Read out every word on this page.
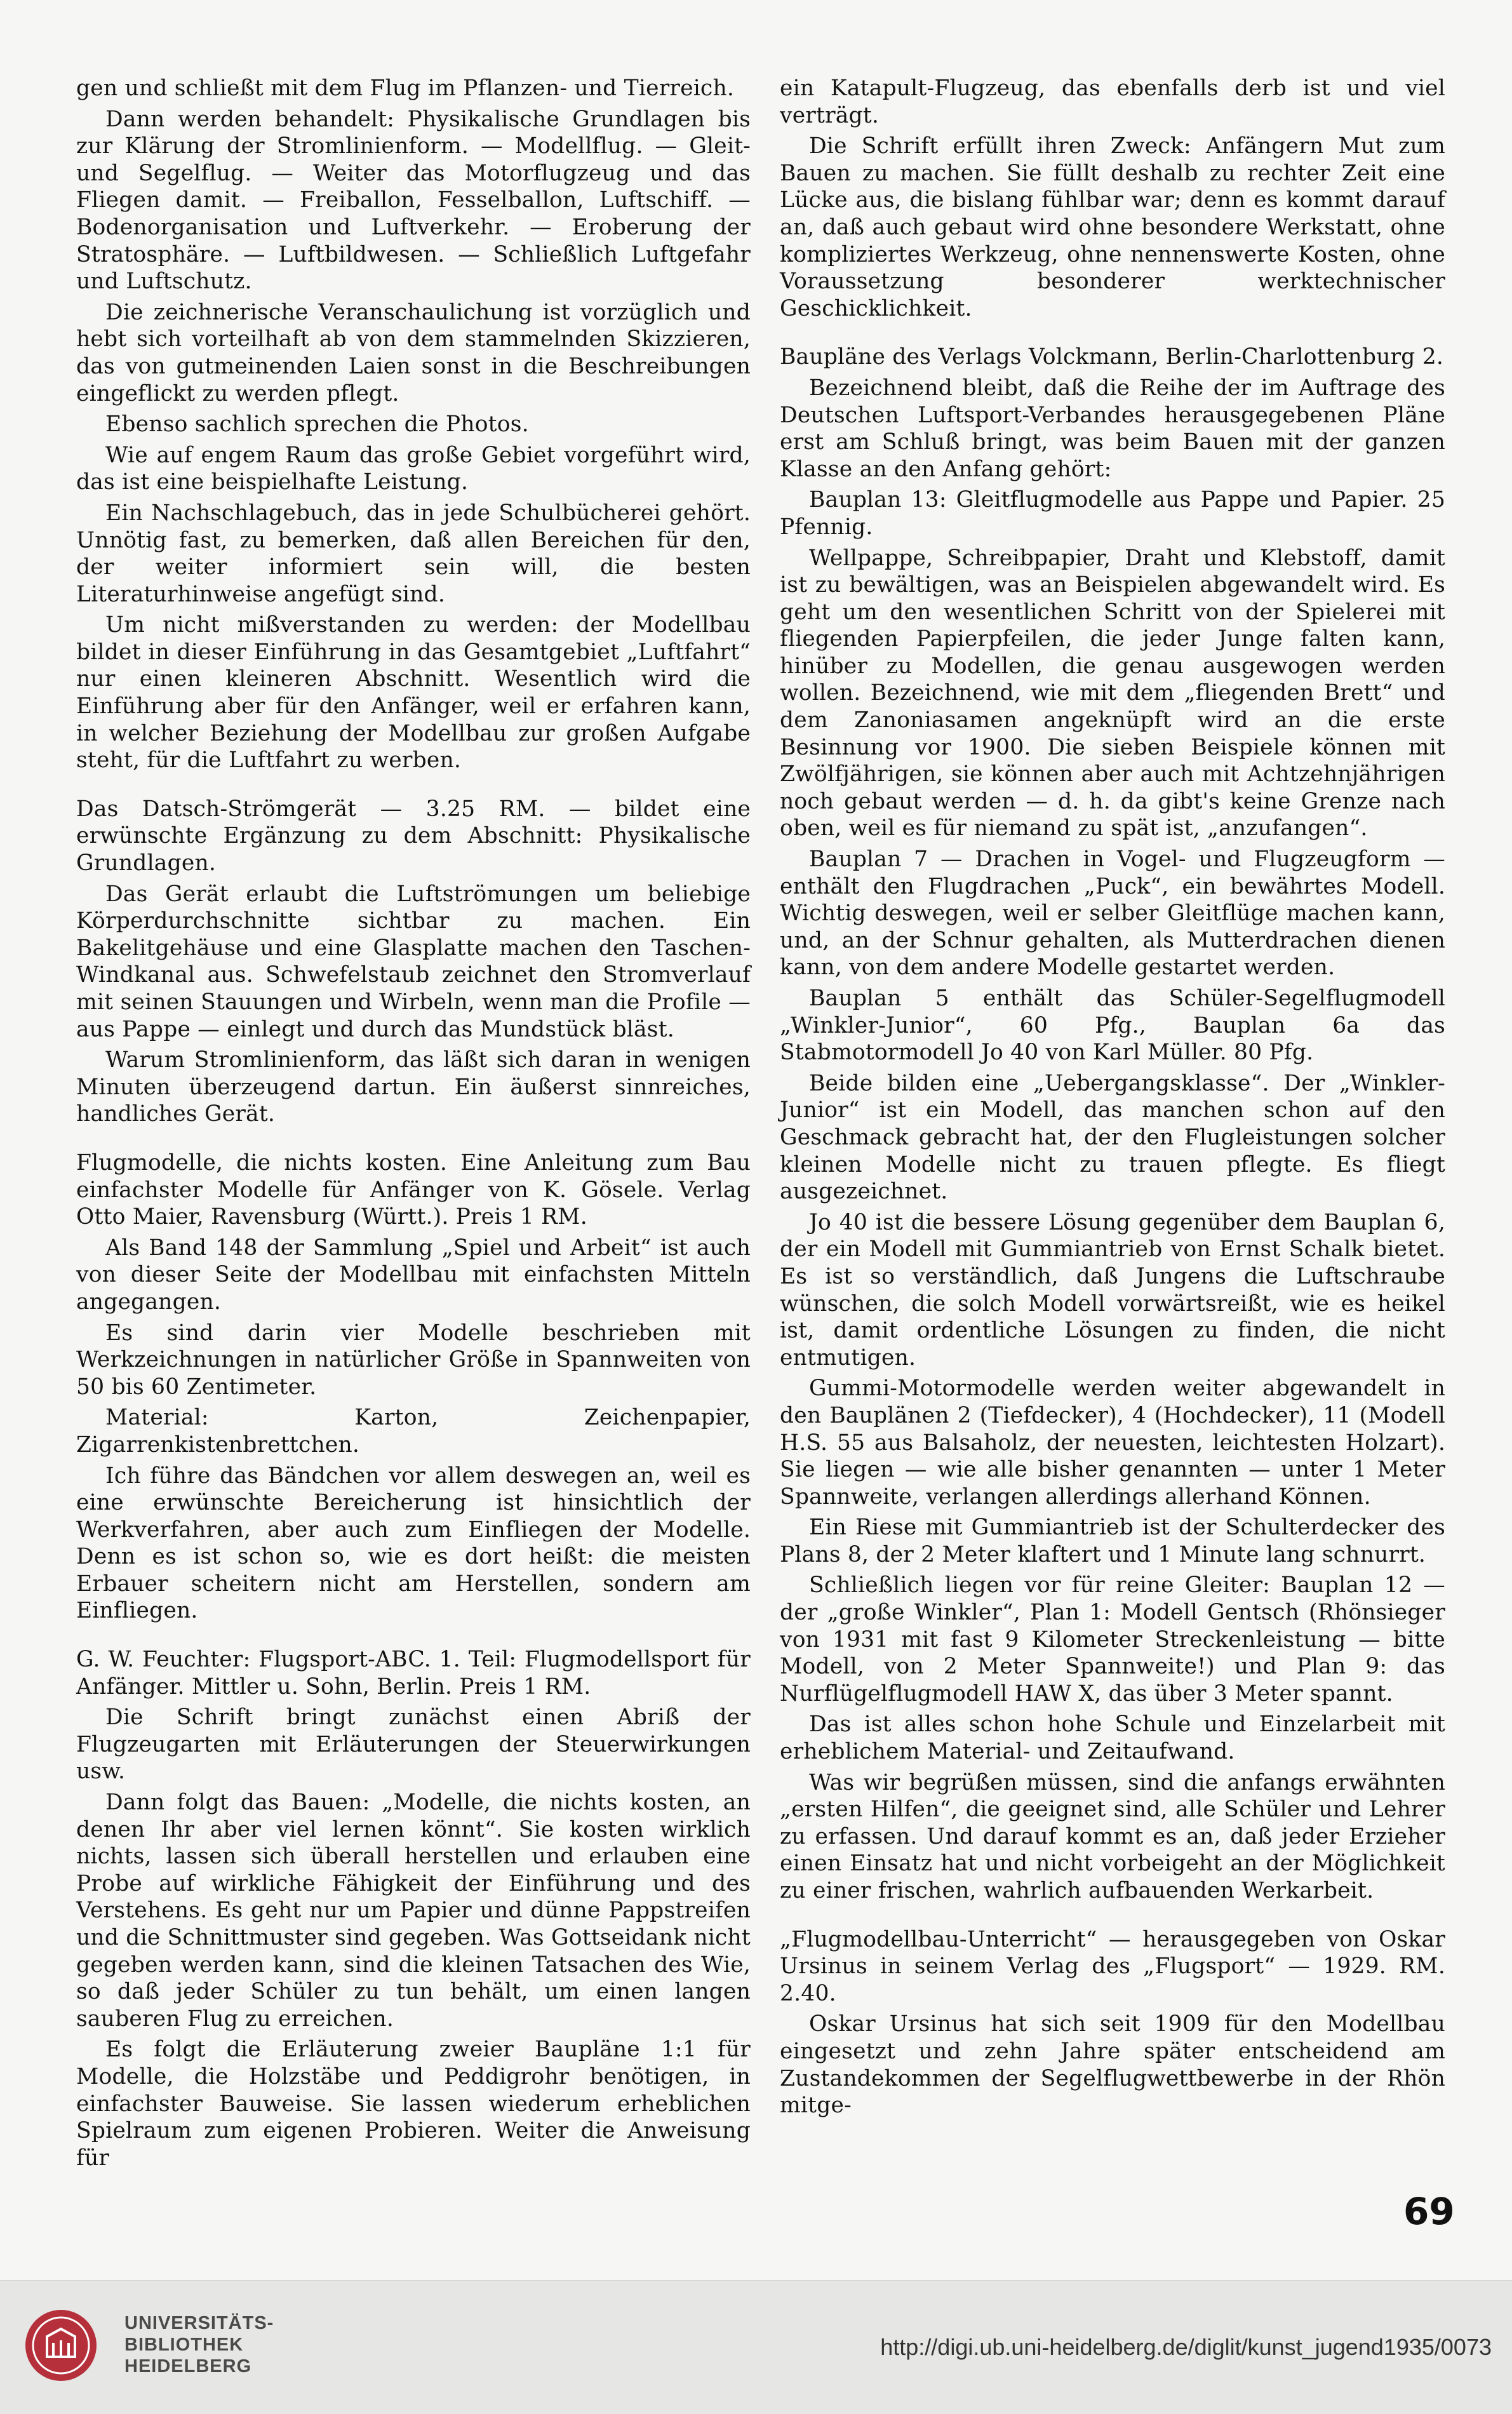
gen und schließt mit dem Flug im Pflanzen- und Tierreich.

Dann werden behandelt: Physikalische Grundlagen bis zur Klärung der Stromlinienform. — Modellflug. — Gleit- und Segelflug. — Weiter das Motorflugzeug und das Fliegen damit. — Freiballon, Fesselballon, Luftschiff. — Bodenorganisation und Luftverkehr. — Eroberung der Stratosphäre. — Luftbildwesen. — Schließlich Luftgefahr und Luftschutz.

Die zeichnerische Veranschaulichung ist vorzüglich und hebt sich vorteilhaft ab von dem stammelnden Skizzieren, das von gutmeinenden Laien sonst in die Beschreibungen eingeflickt zu werden pflegt.

Ebenso sachlich sprechen die Photos.

Wie auf engem Raum das große Gebiet vorgeführt wird, das ist eine beispielhafte Leistung.

Ein Nachschlagebuch, das in jede Schulbücherei gehört. Unnötig fast, zu bemerken, daß allen Bereichen für den, der weiter informiert sein will, die besten Literaturhinweise angefügt sind.

Um nicht mißverstanden zu werden: der Modellbau bildet in dieser Einführung in das Gesamtgebiet „Luftfahrt“ nur einen kleineren Abschnitt. Wesentlich wird die Einführung aber für den Anfänger, weil er erfahren kann, in welcher Beziehung der Modellbau zur großen Aufgabe steht, für die Luftfahrt zu werben.

Das Datsch-Strömgerät — 3.25 RM. — bildet eine erwünschte Ergänzung zu dem Abschnitt: Physikalische Grundlagen.

Das Gerät erlaubt die Luftströmungen um beliebige Körperdurchschnitte sichtbar zu machen. Ein Bakelitgehäuse und eine Glasplatte machen den Taschen-Windkanal aus. Schwefelstaub zeichnet den Stromverlauf mit seinen Stauungen und Wirbeln, wenn man die Profile — aus Pappe — einlegt und durch das Mundstück bläst.

Warum Stromlinienform, das läßt sich daran in wenigen Minuten überzeugend dartun. Ein äußerst sinnreiches, handliches Gerät.

Flugmodelle, die nichts kosten. Eine Anleitung zum Bau einfachster Modelle für Anfänger von K. Gösele. Verlag Otto Maier, Ravensburg (Württ.). Preis 1 RM.

Als Band 148 der Sammlung „Spiel und Arbeit“ ist auch von dieser Seite der Modellbau mit einfachsten Mitteln angegangen.

Es sind darin vier Modelle beschrieben mit Werkzeichnungen in natürlicher Größe in Spannweiten von 50 bis 60 Zentimeter.

Material: Karton, Zeichenpapier, Zigarrenkistenbrettchen.

Ich führe das Bändchen vor allem deswegen an, weil es eine erwünschte Bereicherung ist hinsichtlich der Werkverfahren, aber auch zum Einfliegen der Modelle. Denn es ist schon so, wie es dort heißt: die meisten Erbauer scheitern nicht am Herstellen, sondern am Einfliegen.

G. W. Feuchter: Flugsport-ABC. 1. Teil: Flugmodellsport für Anfänger. Mittler u. Sohn, Berlin. Preis 1 RM.

Die Schrift bringt zunächst einen Abriß der Flugzeugarten mit Erläuterungen der Steuerwirkungen usw.

Dann folgt das Bauen: „Modelle, die nichts kosten, an denen Ihr aber viel lernen könnt“. Sie kosten wirklich nichts, lassen sich überall herstellen und erlauben eine Probe auf wirkliche Fähigkeit der Einführung und des Verstehens. Es geht nur um Papier und dünne Pappstreifen und die Schnittmuster sind gegeben. Was Gottseidank nicht gegeben werden kann, sind die kleinen Tatsachen des Wie, so daß jeder Schüler zu tun behält, um einen langen sauberen Flug zu erreichen.

Es folgt die Erläuterung zweier Baupläne 1:1 für Modelle, die Holzstäbe und Peddigrohr benötigen, in einfachster Bauweise. Sie lassen wiederum erheblichen Spielraum zum eigenen Probieren. Weiter die Anweisung für

ein Katapult-Flugzeug, das ebenfalls derb ist und viel verträgt.

Die Schrift erfüllt ihren Zweck: Anfängern Mut zum Bauen zu machen. Sie füllt deshalb zu rechter Zeit eine Lücke aus, die bislang fühlbar war; denn es kommt darauf an, daß auch gebaut wird ohne besondere Werkstatt, ohne kompliziertes Werkzeug, ohne nennenswerte Kosten, ohne Voraussetzung besonderer werktechnischer Geschicklichkeit.

Baupläne des Verlags Volckmann, Berlin-Charlottenburg 2.

Bezeichnend bleibt, daß die Reihe der im Auftrage des Deutschen Luftsport-Verbandes herausgegebenen Pläne erst am Schluß bringt, was beim Bauen mit der ganzen Klasse an den Anfang gehört:

Bauplan 13: Gleitflugmodelle aus Pappe und Papier. 25 Pfennig.

Wellpappe, Schreibpapier, Draht und Klebstoff, damit ist zu bewältigen, was an Beispielen abgewandelt wird. Es geht um den wesentlichen Schritt von der Spielerei mit fliegenden Papierpfeilen, die jeder Junge falten kann, hinüber zu Modellen, die genau ausgewogen werden wollen. Bezeichnend, wie mit dem „fliegenden Brett“ und dem Zanoniasamen angeknüpft wird an die erste Besinnung vor 1900. Die sieben Beispiele können mit Zwölfjährigen, sie können aber auch mit Achtzehnjährigen noch gebaut werden — d. h. da gibt's keine Grenze nach oben, weil es für niemand zu spät ist, „anzufangen“.

Bauplan 7 — Drachen in Vogel- und Flugzeugform — enthält den Flugdrachen „Puck“, ein bewährtes Modell. Wichtig deswegen, weil er selber Gleitflüge machen kann, und, an der Schnur gehalten, als Mutterdrachen dienen kann, von dem andere Modelle gestartet werden.

Bauplan 5 enthält das Schüler-Segelflugmodell „Winkler-Junior“, 60 Pfg., Bauplan 6a das Stabmotormodell Jo 40 von Karl Müller. 80 Pfg.

Beide bilden eine „Uebergangsklasse“. Der „Winkler-Junior“ ist ein Modell, das manchen schon auf den Geschmack gebracht hat, der den Flugleistungen solcher kleinen Modelle nicht zu trauen pflegte. Es fliegt ausgezeichnet.

Jo 40 ist die bessere Lösung gegenüber dem Bauplan 6, der ein Modell mit Gummiantrieb von Ernst Schalk bietet. Es ist so verständlich, daß Jungens die Luftschraube wünschen, die solch Modell vorwärtsreißt, wie es heikel ist, damit ordentliche Lösungen zu finden, die nicht entmutigen.

Gummi-Motormodelle werden weiter abgewandelt in den Bauplänen 2 (Tiefdecker), 4 (Hochdecker), 11 (Modell H.S. 55 aus Balsaholz, der neuesten, leichtesten Holzart). Sie liegen — wie alle bisher genannten — unter 1 Meter Spannweite, verlangen allerdings allerhand Können.

Ein Riese mit Gummiantrieb ist der Schulterdecker des Plans 8, der 2 Meter klaftert und 1 Minute lang schnurrt.

Schließlich liegen vor für reine Gleiter: Bauplan 12 — der „große Winkler“, Plan 1: Modell Gentsch (Rhönsieger von 1931 mit fast 9 Kilometer Streckenleistung — bitte Modell, von 2 Meter Spannweite!) und Plan 9: das Nurflügelflugmodell HAW X, das über 3 Meter spannt.

Das ist alles schon hohe Schule und Einzelarbeit mit erheblichem Material- und Zeitaufwand.

Was wir begrüßen müssen, sind die anfangs erwähnten „ersten Hilfen“, die geeignet sind, alle Schüler und Lehrer zu erfassen. Und darauf kommt es an, daß jeder Erzieher einen Einsatz hat und nicht vorbeigeht an der Möglichkeit zu einer frischen, wahrlich aufbauenden Werkarbeit.

„Flugmodellbau-Unterricht“ — herausgegeben von Oskar Ursinus in seinem Verlag des „Flugsport“ — 1929. RM. 2.40.

Oskar Ursinus hat sich seit 1909 für den Modellbau eingesetzt und zehn Jahre später entscheidend am Zustandekommen der Segelflugwettbewerbe in der Rhön mitge-

69
UNIVERSITÄTS-
BIBLIOTHEK
HEIDELBERG
http://digi.ub.uni-heidelberg.de/diglit/kunst_jugend1935/0073
